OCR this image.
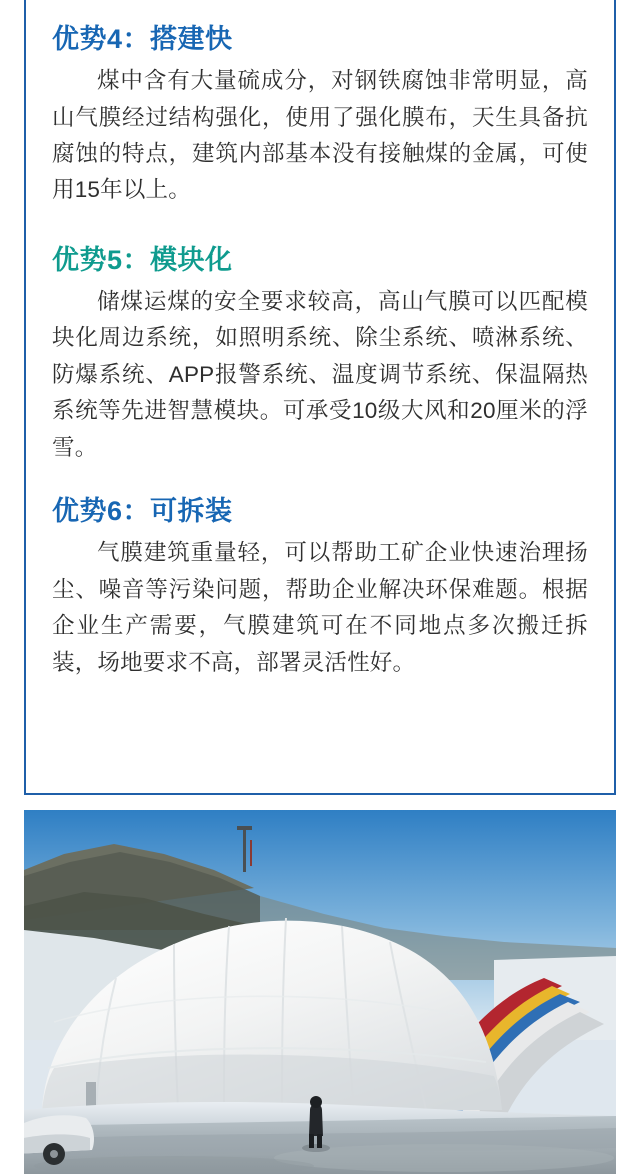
优势4：搭建快

煤中含有大量硫成分，对钢铁腐蚀非常明显，高山气膜经过结构强化，使用了强化膜布，天生具备抗腐蚀的特点，建筑内部基本没有接触煤的金属，可使用15年以上。

优势5：模块化

储煤运煤的安全要求较高，高山气膜可以匹配模块化周边系统，如照明系统、除尘系统、喷淋系统、防爆系统、APP报警系统、温度调节系统、保温隔热系统等先进智慧模块。可承受10级大风和20厘米的浮雪。

优势6：可拆装

气膜建筑重量轻，可以帮助工矿企业快速治理扬尘、噪音等污染问题，帮助企业解决环保难题。根据企业生产需要，气膜建筑可在不同地点多次搬迁拆装，场地要求不高，部署灵活性好。
